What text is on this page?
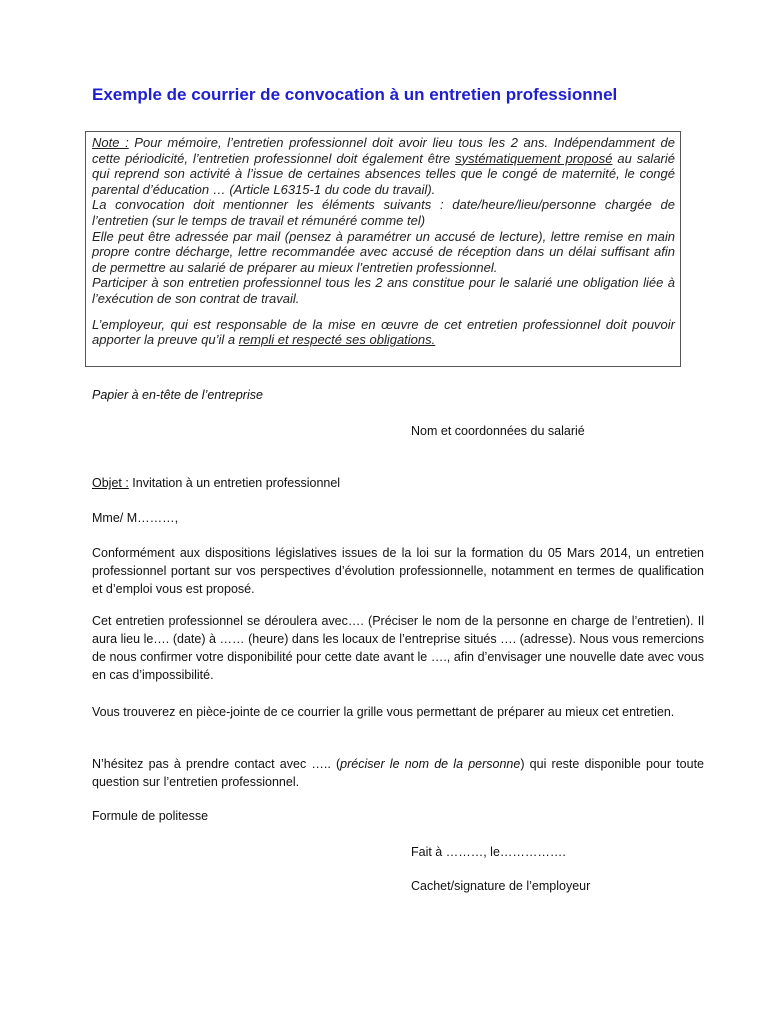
Exemple de courrier de convocation à un entretien professionnel

Note : Pour mémoire, l’entretien professionnel doit avoir lieu tous les 2 ans. Indépendamment de cette périodicité, l’entretien professionnel doit également être systématiquement proposé au salarié qui reprend son activité à l’issue de certaines absences telles que le congé de maternité, le congé parental d’éducation … (Article L6315-1 du code du travail).

La convocation doit mentionner les éléments suivants : date/heure/lieu/personne chargée de l’entretien (sur le temps de travail et rémunéré comme tel)

Elle peut être adressée par mail (pensez à paramétrer un accusé de lecture), lettre remise en main propre contre décharge, lettre recommandée avec accusé de réception dans un délai suffisant afin de permettre au salarié de préparer au mieux l’entretien professionnel.

Participer à son entretien professionnel tous les 2 ans constitue pour le salarié une obligation liée à l’exécution de son contrat de travail.

L’employeur, qui est responsable de la mise en œuvre de cet entretien professionnel doit pouvoir apporter la preuve qu’il a rempli et respecté ses obligations.

Papier à en-tête de l’entreprise
Nom et coordonnées du salarié
Objet : Invitation à un entretien professionnel
Mme/ M………,

Conformément aux dispositions législatives issues de la loi sur la formation du 05 Mars 2014, un entretien professionnel portant sur vos perspectives d’évolution professionnelle, notamment en termes de qualification et d’emploi vous est proposé.

Cet entretien professionnel se déroulera avec…. (Préciser le nom de la personne en charge de l’entretien). Il aura lieu le…. (date) à …… (heure) dans les locaux de l’entreprise situés …. (adresse). Nous vous remercions de nous confirmer votre disponibilité pour cette date avant le …., afin d’envisager une nouvelle date avec vous en cas d’impossibilité.

Vous trouverez en pièce-jointe de ce courrier la grille vous permettant de préparer au mieux cet entretien.

N’hésitez pas à prendre contact avec ….. (préciser le nom de la personne) qui reste disponible pour toute question sur l’entretien professionnel.

Formule de politesse
Fait à ………, le…………….
Cachet/signature de l’employeur
